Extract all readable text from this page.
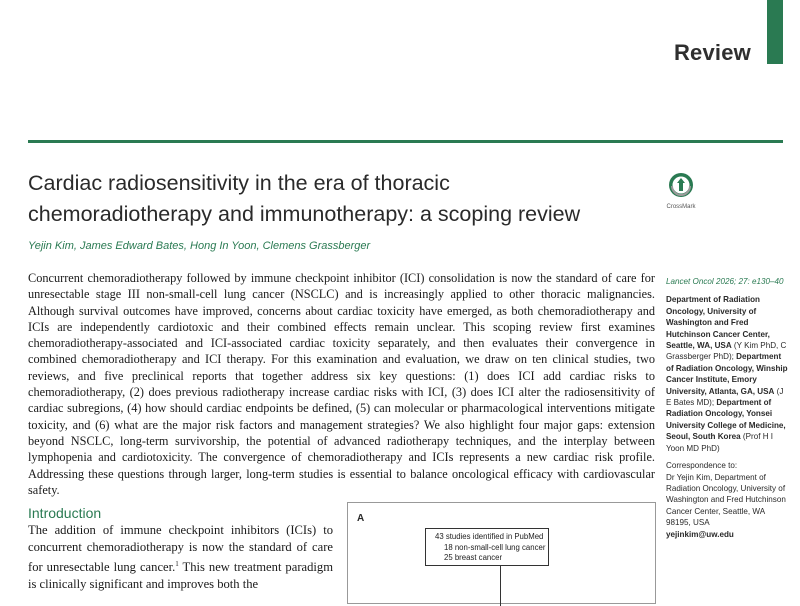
Review
Cardiac radiosensitivity in the era of thoracic
chemoradiotherapy and immunotherapy: a scoping review	CrossMark
Yejin Kim, James Edward Bates, Hong In Yoon, Clemens Grassberger

Concurrent chemoradiotherapy followed by immune checkpoint inhibitor (ICI) consolidation is now the standard of care for unresectable stage III non-small-cell lung cancer (NSCLC) and is increasingly applied to other thoracic malignancies. Although survival outcomes have improved, concerns about cardiac toxicity have emerged, as both chemoradiotherapy and ICIs are independently cardiotoxic and their combined effects remain unclear. This scoping review first examines chemoradiotherapy-associated and ICI-associated cardiac toxicity separately, and then evaluates their convergence in combined chemoradiotherapy and ICI therapy. For this examination and evaluation, we draw on ten clinical studies, two reviews, and five preclinical reports that together address six key questions: (1) does ICI add cardiac risks to chemoradiotherapy, (2) does previous radiotherapy increase cardiac risks with ICI, (3) does ICI alter the radiosensitivity of cardiac subregions, (4) how should cardiac endpoints be defined, (5) can molecular or pharmacological interventions mitigate toxicity, and (6) what are the major risk factors and management strategies? We also highlight four major gaps: extension beyond NSCLC, long-term survivorship, the potential of advanced radiotherapy techniques, and the interplay between lymphopenia and cardiotoxicity. The convergence of chemoradiotherapy and ICIs represents a new cardiac risk profile. Addressing these questions through larger, long-term studies is essential to balance oncological efficacy with cardiovascular safety.

Lancet Oncol 2026; 27: e130–40
Department of Radiation Oncology, University of Washington and Fred Hutchinson Cancer Center, Seattle, WA, USA (Y Kim PhD, C Grassberger PhD); Department of Radiation Oncology, Winship Cancer Institute, Emory University, Atlanta, GA, USA (J E Bates MD); Department of Radiation Oncology, Yonsei University College of Medicine, Seoul, South Korea (Prof H I Yoon MD PhD)
Correspondence to:
Dr Yejin Kim, Department of Radiation Oncology, University of Washington and Fred Hutchinson Cancer Center, Seattle, WA 98195, USA
yejinkim@uw.edu
Introduction

The addition of immune checkpoint inhibitors (ICIs) to concurrent chemoradiotherapy is now the standard of care for unresectable lung cancer.$^1$ This new treatment paradigm is clinically significant and improves both the

A
43 studies identified in PubMed
18 non-small-cell lung cancer
25 breast cancer
